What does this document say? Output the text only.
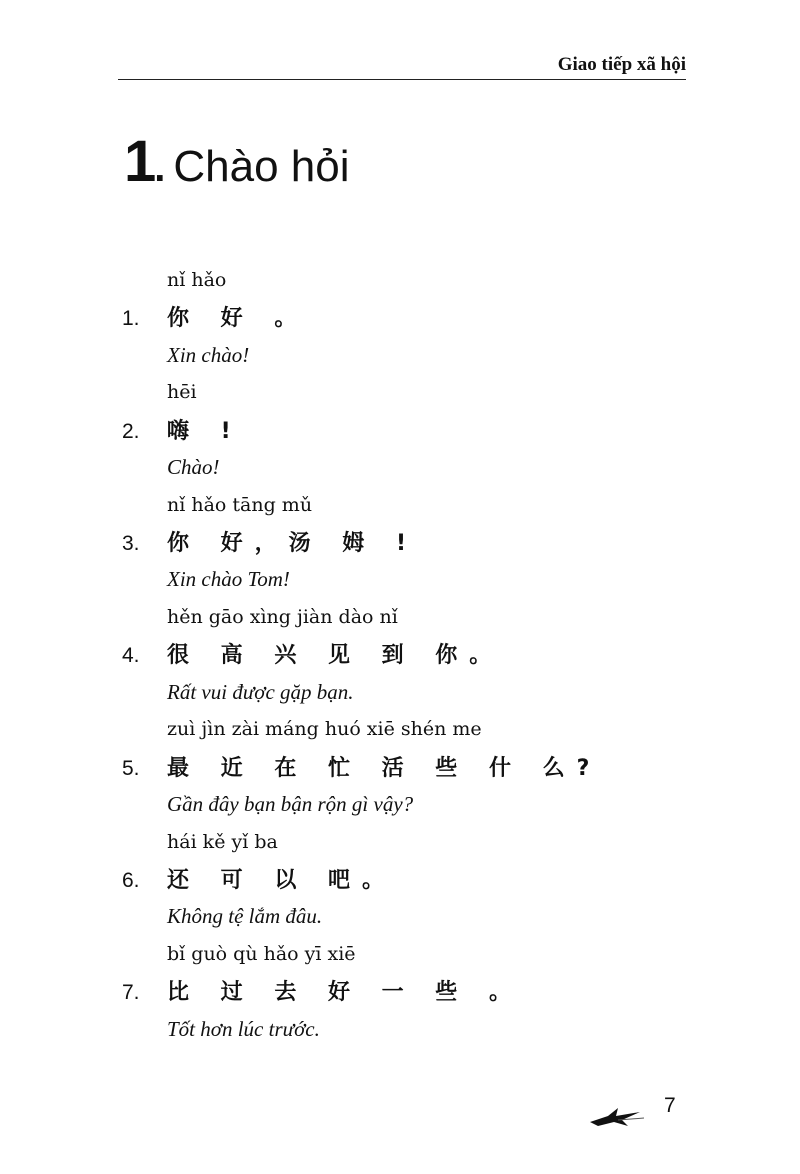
Giao tiếp xã hội
1 . Chào hỏi
nǐ hǎo
1. 你 好 。
Xin chào!
hēi
2. 嗨 !
Chào!
nǐ hǎo tāng mǔ
3. 你 好，汤 姆 !
Xin chào Tom!
hěn gāo xìng jiàn dào nǐ
4. 很 高 兴 见 到 你。
Rất vui được gặp bạn.
zuì jìn zài máng huó xiē shén me
5. 最 近 在 忙 活 些 什 么?
Gần đây bạn bận rộn gì vậy?
hái kě yǐ ba
6. 还 可 以 吧。
Không tệ lắm đâu.
bǐ guò qù hǎo yī xiē
7. 比 过 去 好 一 些 。
Tốt hơn lúc trước.
7
